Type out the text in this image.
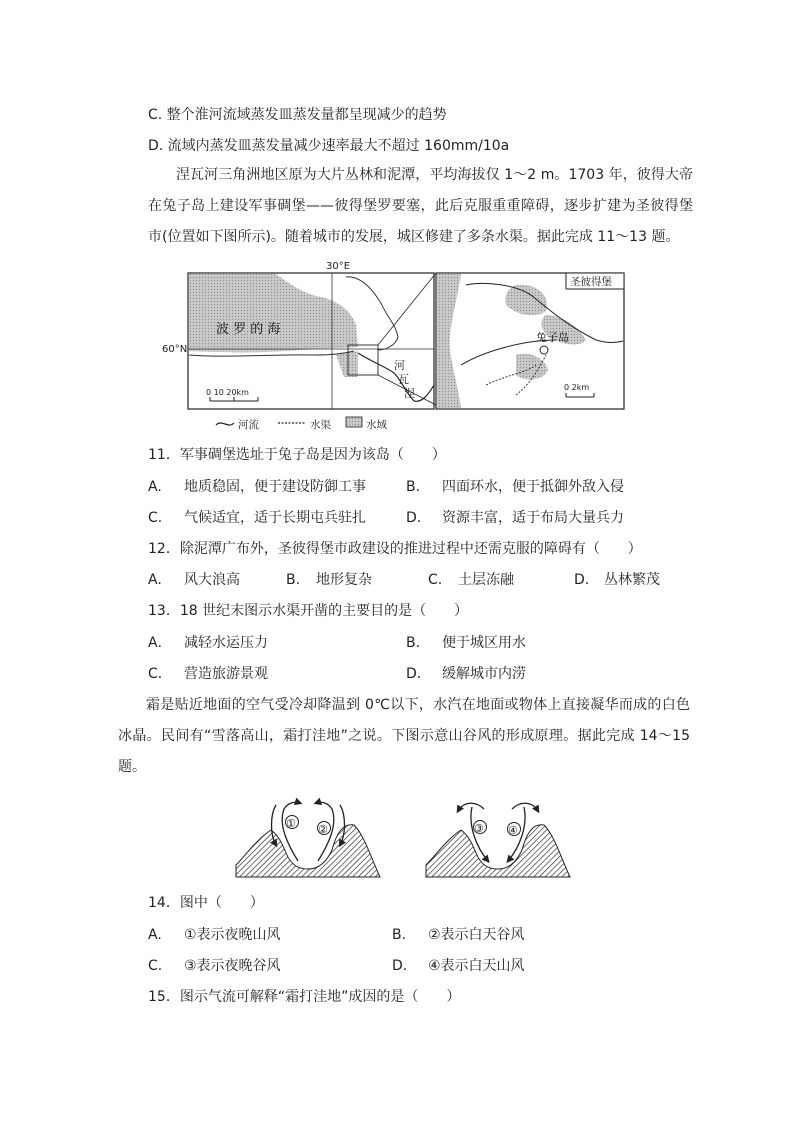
C. 整个淮河流域蒸发皿蒸发量都呈现减少的趋势
D. 流域内蒸发皿蒸发量减少速率最大不超过 160mm/10a
涅瓦河三角洲地区原为大片丛林和泥潭，平均海拔仅 1～2 m。1703 年，彼得大帝在兔子岛上建设军事碉堡——彼得堡罗要塞，此后克服重重障碍，逐步扩建为圣彼得堡市(位置如下图所示)。随着城市的发展，城区修建了多条水渠。据此完成 11～13 题。
30°E
60°N
波 罗 的 海
河
瓦
涅
0 10 20km
圣彼得堡
兔子岛
0 2km
河流	水渠	水域
11．军事碉堡选址于兔子岛是因为该岛（　　）
A. 地质稳固，便于建设防御工事	B. 四面环水，便于抵御外敌入侵
C. 气候适宜，适于长期屯兵驻扎	D. 资源丰富，适于布局大量兵力
12．除泥潭广布外，圣彼得堡市政建设的推进过程中还需克服的障碍有（　　）
A. 风大浪高	B. 地形复杂	C. 土层冻融	D. 丛林繁茂
13．18 世纪末图示水渠开凿的主要目的是（　　）
A． 减轻水运压力	B． 便于城区用水
C． 营造旅游景观	D． 缓解城市内涝
霜是贴近地面的空气受冷却降温到 0℃以下，水汽在地面或物体上直接凝华而成的白色冰晶。民间有“雪落高山，霜打洼地”之说。下图示意山谷风的形成原理。据此完成 14～15 题。
① ②	③ ④
14．图中（　　）
A. ①表示夜晚山风	B. ②表示白天谷风
C. ③表示夜晚谷风	D. ④表示白天山风
15．图示气流可解释“霜打洼地”成因的是（　　）
